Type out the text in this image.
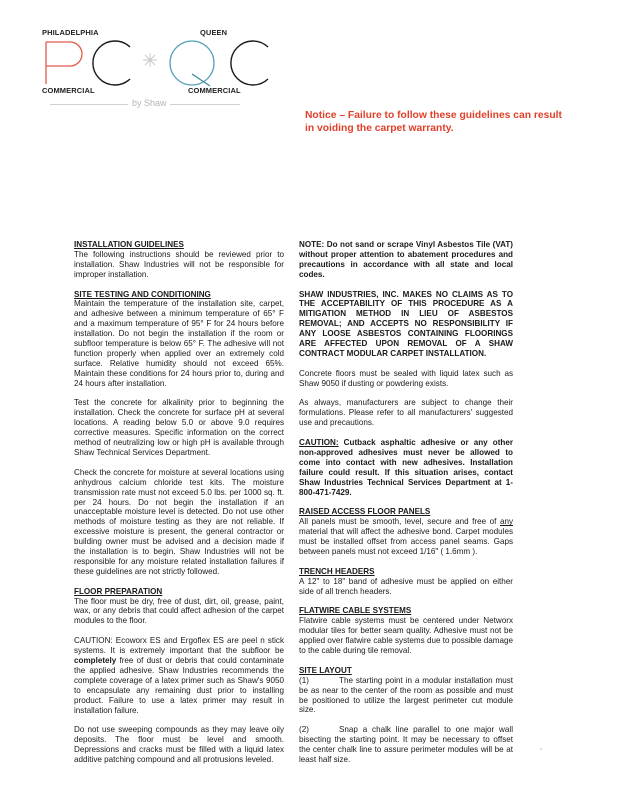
PHILADELPHIA
COMMERCIAL
QUEEN
COMMERCIAL
by Shaw
Notice – Failure to follow these guidelines can result in voiding the carpet warranty.

INSTALLATION GUIDELINES
The following instructions should be reviewed prior to installation. Shaw Industries will not be responsible for improper installation.

SITE TESTING AND CONDITIONING
Maintain the temperature of the installation site, carpet, and adhesive between a minimum temperature of 65° F and a maximum temperature of 95° F for 24 hours before installation. Do not begin the installation if the room or subfloor temperature is below 65° F. The adhesive will not function properly when applied over an extremely cold surface. Relative humidity should not exceed 65%. Maintain these conditions for 24 hours prior to, during and 24 hours after installation.

Test the concrete for alkalinity prior to beginning the installation. Check the concrete for surface pH at several locations. A reading below 5.0 or above 9.0 requires corrective measures. Specific information on the correct method of neutralizing low or high pH is available through Shaw Technical Services Department.

Check the concrete for moisture at several locations using anhydrous calcium chloride test kits. The moisture transmission rate must not exceed 5.0 lbs. per 1000 sq. ft. per 24 hours. Do not begin the installation if an unacceptable moisture level is detected. Do not use other methods of moisture testing as they are not reliable. If excessive moisture is present, the general contractor or building owner must be advised and a decision made if the installation is to begin. Shaw Industries will not be responsible for any moisture related installation failures if these guidelines are not strictly followed.

FLOOR PREPARATION
The floor must be dry, free of dust, dirt, oil, grease, paint, wax, or any debris that could affect adhesion of the carpet modules to the floor.

CAUTION: Ecoworx ES and Ergoflex ES are peel n stick systems. It is extremely important that the subfloor be completely free of dust or debris that could contaminate the applied adhesive. Shaw Industries recommends the complete coverage of a latex primer such as Shaw's 9050 to encapsulate any remaining dust prior to installing product. Failure to use a latex primer may result in installation failure.

Do not use sweeping compounds as they may leave oily deposits. The floor must be level and smooth. Depressions and cracks must be filled with a liquid latex additive patching compound and all protrusions leveled.

NOTE: Do not sand or scrape Vinyl Asbestos Tile (VAT) without proper attention to abatement procedures and precautions in accordance with all state and local codes.

SHAW INDUSTRIES, INC. MAKES NO CLAIMS AS TO THE ACCEPTABILITY OF THIS PROCEDURE AS A MITIGATION METHOD IN LIEU OF ASBESTOS REMOVAL; AND ACCEPTS NO RESPONSIBILITY IF ANY LOOSE ASBESTOS CONTAINING FLOORINGS ARE AFFECTED UPON REMOVAL OF A SHAW CONTRACT MODULAR CARPET INSTALLATION.

Concrete floors must be sealed with liquid latex such as Shaw 9050 if dusting or powdering exists.

As always, manufacturers are subject to change their formulations. Please refer to all manufacturers' suggested use and precautions.

CAUTION: Cutback asphaltic adhesive or any other non-approved adhesives must never be allowed to come into contact with new adhesives. Installation failure could result. If this situation arises, contact Shaw Industries Technical Services Department at 1-800-471-7429.

RAISED ACCESS FLOOR PANELS
All panels must be smooth, level, secure and free of any material that will affect the adhesive bond. Carpet modules must be installed offset from access panel seams. Gaps between panels must not exceed 1/16" ( 1.6mm ).

TRENCH HEADERS
A 12" to 18" band of adhesive must be applied on either side of all trench headers.

FLATWIRE CABLE SYSTEMS
Flatwire cable systems must be centered under Networx modular tiles for better seam quality. Adhesive must not be applied over flatwire cable systems due to possible damage to the cable during tile removal.

SITE LAYOUT
(1)	The starting point in a modular installation must be as near to the center of the room as possible and must be positioned to utilize the largest perimeter cut module size.

(2)	Snap a chalk line parallel to one major wall bisecting the starting point. It may be necessary to offset the center chalk line to assure perimeter modules will be at least half size.
